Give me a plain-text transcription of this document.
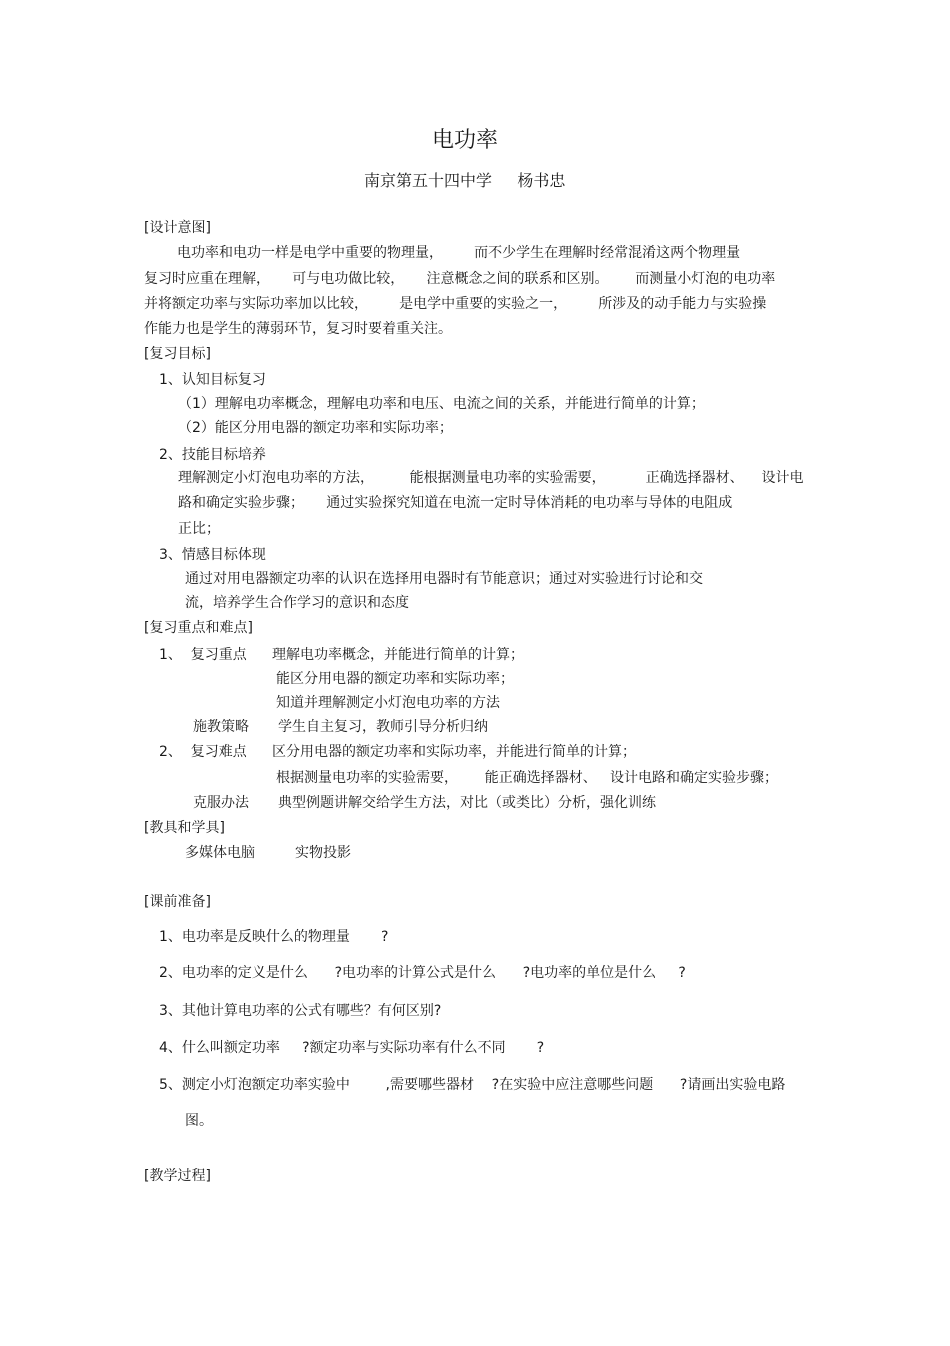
电功率
南京第五十四中学     杨书忠
[设计意图]
电功率和电功一样是电学中重要的物理量，       而不少学生在理解时经常混淆这两个物理量
复习时应重在理解，     可与电功做比较，     注意概念之间的联系和区别。      而测量小灯泡的电功率
并将额定功率与实际功率加以比较，       是电学中重要的实验之一，       所涉及的动手能力与实验操
作能力也是学生的薄弱环节，复习时要着重关注。
[复习目标]
1、认知目标复习
（1）理解电功率概念，理解电功率和电压、电流之间的关系，并能进行简单的计算；
（2）能区分用电器的额定功率和实际功率；
2、技能目标培养
理解测定小灯泡电功率的方法，        能根据测量电功率的实验需要，         正确选择器材、    设计电
路和确定实验步骤；     通过实验探究知道在电流一定时导体消耗的电功率与导体的电阻成
正比；
3、情感目标体现
通过对用电器额定功率的认识在选择用电器时有节能意识；通过对实验进行讨论和交
流，培养学生合作学习的意识和态度
[复习重点和难点]
1、  复习重点 理解电功率概念，并能进行简单的计算；
能区分用电器的额定功率和实际功率；
知道并理解测定小灯泡电功率的方法
施教策略 学生自主复习，教师引导分析归纳
2、  复习难点 区分用电器的额定功率和实际功率，并能进行简单的计算；
根据测量电功率的实验需要，      能正确选择器材、   设计电路和确定实验步骤；
克服办法 典型例题讲解交给学生方法，对比（或类比）分析，强化训练
[教具和学具]
多媒体电脑         实物投影
[课前准备]
1、电功率是反映什么的物理量       ?
2、电功率的定义是什么      ?电功率的计算公式是什么      ?电功率的单位是什么     ?
3、其他计算电功率的公式有哪些？有何区别?
4、什么叫额定功率     ?额定功率与实际功率有什么不同       ?
5、测定小灯泡额定功率实验中        ,需要哪些器材    ?在实验中应注意哪些问题      ?请画出实验电路
图。
[教学过程]
